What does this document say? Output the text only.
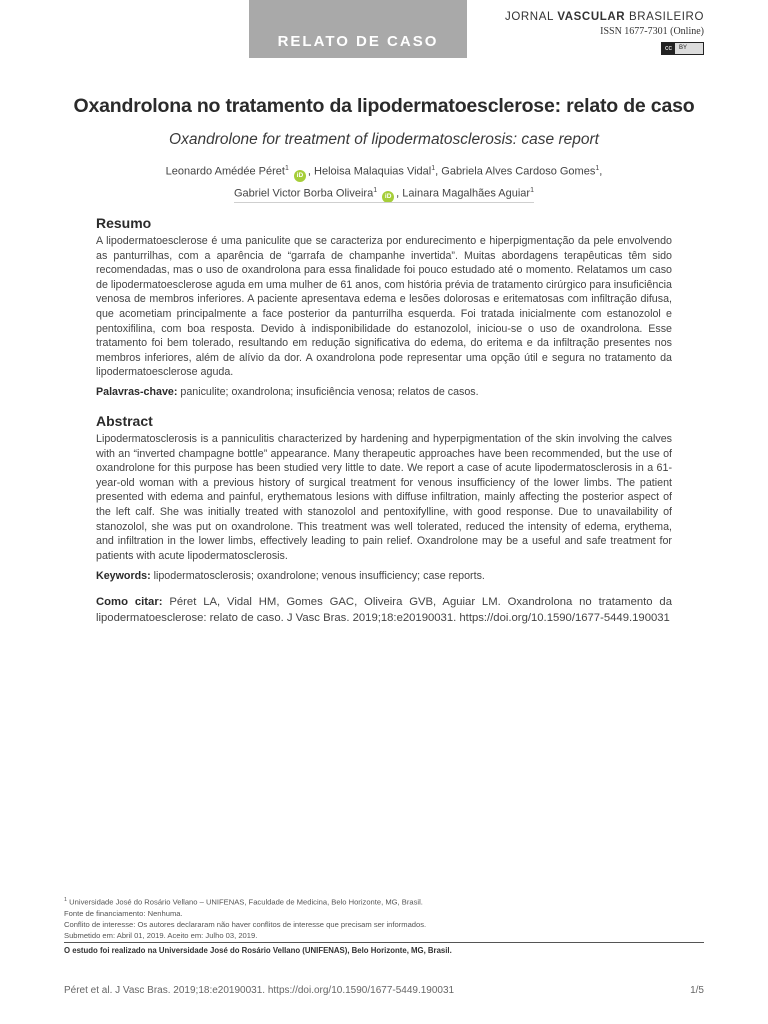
RELATO DE CASO
JORNAL VASCULAR BRASILEIRO
ISSN 1677-7301 (Online)
cc	BY
Oxandrolona no tratamento da lipodermatoesclerose: relato de caso
Oxandrolone for treatment of lipodermatosclerosis: case report
Leonardo Amédée Péret$^1$ iD , Heloisa Malaquias Vidal$^1$, Gabriela Alves Cardoso Gomes$^1$,
Gabriel Victor Borba Oliveira$^1$ iD , Lainara Magalhães Aguiar$^1$
Resumo
A lipodermatoesclerose é uma paniculite que se caracteriza por endurecimento e hiperpigmentação da pele envolvendo as panturrilhas, com a aparência de “garrafa de champanhe invertida”. Muitas abordagens terapêuticas têm sido recomendadas, mas o uso de oxandrolona para essa finalidade foi pouco estudado até o momento. Relatamos um caso de lipodermatoesclerose aguda em uma mulher de 61 anos, com história prévia de tratamento cirúrgico para insuficiência venosa de membros inferiores. A paciente apresentava edema e lesões dolorosas e eritematosas com infiltração difusa, que acometiam principalmente a face posterior da panturrilha esquerda. Foi tratada inicialmente com estanozolol e pentoxifilina, com boa resposta. Devido à indisponibilidade do estanozolol, iniciou-se o uso de oxandrolona. Esse tratamento foi bem tolerado, resultando em redução significativa do edema, do eritema e da infiltração presentes nos membros inferiores, além de alívio da dor. A oxandrolona pode representar uma opção útil e segura no tratamento da lipodermatoesclerose aguda.
Palavras-chave: paniculite; oxandrolona; insuficiência venosa; relatos de casos.
Abstract
Lipodermatosclerosis is a panniculitis characterized by hardening and hyperpigmentation of the skin involving the calves with an “inverted champagne bottle” appearance. Many therapeutic approaches have been recommended, but the use of oxandrolone for this purpose has been studied very little to date. We report a case of acute lipodermatosclerosis in a 61-year-old woman with a previous history of surgical treatment for venous insufficiency of the lower limbs. The patient presented with edema and painful, erythematous lesions with diffuse infiltration, mainly affecting the posterior aspect of the left calf. She was initially treated with stanozolol and pentoxifylline, with good response. Due to unavailability of stanozolol, she was put on oxandrolone. This treatment was well tolerated, reduced the intensity of edema, erythema, and infiltration in the lower limbs, effectively leading to pain relief. Oxandrolone may be a useful and safe treatment for patients with acute lipodermatosclerosis.
Keywords: lipodermatosclerosis; oxandrolone; venous insufficiency; case reports.
Como citar: Péret LA, Vidal HM, Gomes GAC, Oliveira GVB, Aguiar LM. Oxandrolona no tratamento da lipodermatoesclerose: relato de caso. J Vasc Bras. 2019;18:e20190031. https://doi.org/10.1590/1677-5449.190031
$^1$ Universidade José do Rosário Vellano – UNIFENAS, Faculdade de Medicina, Belo Horizonte, MG, Brasil.
Fonte de financiamento: Nenhuma.
Conflito de interesse: Os autores declararam não haver conflitos de interesse que precisam ser informados.
Submetido em: Abril 01, 2019. Aceito em: Julho 03, 2019.
O estudo foi realizado na Universidade José do Rosário Vellano (UNIFENAS), Belo Horizonte, MG, Brasil.
Péret et al. J Vasc Bras. 2019;18:e20190031. https://doi.org/10.1590/1677-5449.190031	1/5
